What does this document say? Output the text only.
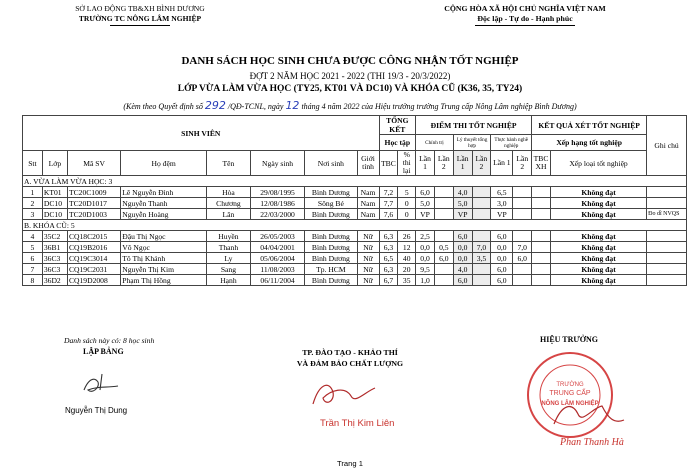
SỞ LAO ĐỘNG TB&XH BÌNH DƯƠNG
TRƯỜNG TC NÔNG LÂM NGHIỆP
CỘNG HÒA XÃ HỘI CHỦ NGHĨA VIỆT NAM
Độc lập - Tự do - Hạnh phúc
DANH SÁCH HỌC SINH CHƯA ĐƯỢC CÔNG NHẬN TỐT NGHIỆP
ĐỢT 2 NĂM HỌC 2021 - 2022 (THI 19/3 - 20/3/2022)
LỚP VỪA LÀM VỪA HỌC (TY25, KT01 VÀ DC10) VÀ KHÓA CŨ (K36, 35, TY24)
(Kèm theo Quyết định số 292 /QĐ-TCNL, ngày 12 tháng 4 năm 2022 của Hiệu trưởng trường Trung cấp Nông Lâm nghiệp Bình Dương)
SINH VIÊN								TỔNG KẾT		ĐIỂM THI TỐT NGHIỆP						KẾT QUẢ XÉT TỐT NGHIỆP		Ghi chú
								Học tập		Chính trị		Lý thuyết tổng hợp		Thực hành nghề nghiệp		Xếp hạng tốt nghiệp		
Stt	Lớp	Mã SV	Họ đệm	Tên	Ngày sinh	Nơi sinh	Giới tính	TBC	% thi lại	Lần 1	Lần 2	Lần 1	Lần 2	Lần 1	Lần 2	TBC XH	Xếp loại tốt nghiệp	
A. VỪA LÀM VỪA HỌC: 3																		
1	KT01	TC20C1009	Lê Nguyễn Đình	Hòa	29/08/1995	Bình Dương	Nam	7,2	5	6,0		4,0		6,5			Không đạt	
2	DC10	TC20D1017	Nguyễn Thanh	Chương	12/08/1986	Sông Bé	Nam	7,7	0	5,0		5,0		3,0			Không đạt	
3	DC10	TC20D1003	Nguyễn Hoàng	Lân	22/03/2000	Bình Dương	Nam	7,6	0	VP		VP		VP			Không đạt	Đo dĩ NVQS
B. KHÓA CŨ: 5																		
4	35C2	CQ18C2015	Đậu Thị Ngọc	Huyền	26/05/2003	Bình Dương	Nữ	6,3	26	2,5		6,0		6,0			Không đạt	
5	36B1	CQ19B2016	Võ Ngọc	Thanh	04/04/2001	Bình Dương	Nữ	6,3	12	0,0	0,5	0,0	7,0	0,0	7,0		Không đạt	
6	36C3	CQ19C3014	Tô Thị Khánh	Ly	05/06/2004	Bình Dương	Nữ	6,5	40	0,0	6,0	0,0	3,5	0,0	6,0		Không đạt	
7	36C3	CQ19C2031	Nguyễn Thị Kim	Sang	11/08/2003	Tp. HCM	Nữ	6,3	20	9,5		4,0		6,0			Không đạt	
8	36D2	CQ19D2008	Phạm Thị Hồng	Hạnh	06/11/2004	Bình Dương	Nữ	6,7	35	1,0		6,0		6,0			Không đạt	
Danh sách này có: 8 học sinh
LẬP BẢNG
Nguyễn Thị Dung
TP. ĐÀO TẠO - KHẢO THÍ
VÀ ĐẢM BẢO CHẤT LƯỢNG
Trần Thị Kim Liên
HIỆU TRƯỞNG
TRƯỜNG
TRUNG CẤP
NÔNG LÂM NGHIỆP
Phan Thanh Hà
Trang 1
